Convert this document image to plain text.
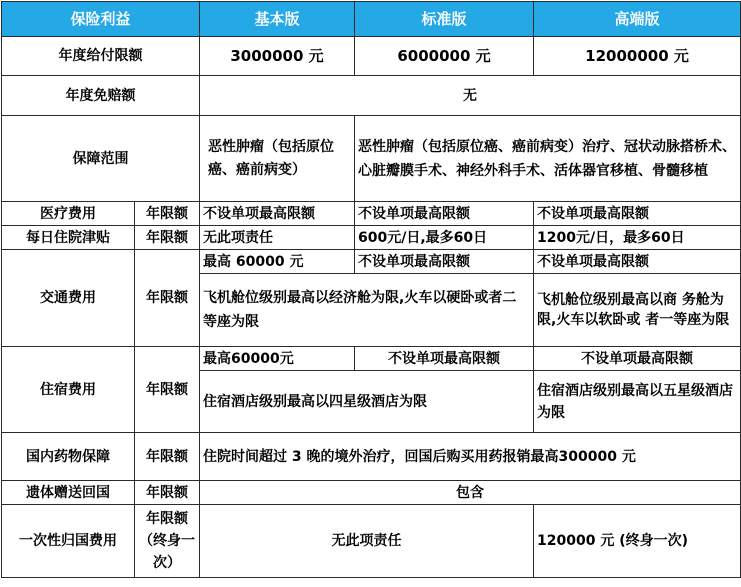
保险利益		基本版	标准版	高端版
年度给付限额		3000000 元	6000000 元	12000000 元
年度免赔额		无		
保障范围		恶性肿瘤（包括原位癌、癌前病变）	恶性肿瘤（包括原位癌、癌前病变）治疗、冠状动脉搭桥术、心脏瓣膜手术、神经外科手术、活体器官移植、骨髓移植	
医疗费用	年限额	不设单项最高限额	不设单项最高限额	不设单项最高限额
每日住院津贴	年限额	无此项责任	600元/日,最多60日	1200元/日，最多60日
交通费用	年限额	最高 60000 元	不设单项最高限额	不设单项最高限额
		飞机舱位级别最高以经济舱为限,火车以硬卧或者二等座为限		飞机舱位级别最高以商 务舱为限,火车以软卧或 者一等座为限
住宿费用	年限额	最高60000元	不设单项最高限额	不设单项最高限额
		住宿酒店级别最高以四星级酒店为限		住宿酒店级别最高以五星级酒店为限
国内药物保障	年限额	住院时间超过 3 晚的境外治疗，回国后购买用药报销最高300000 元		
遗体赠送回国	年限额	包含		
一次性归国费用	年限额（终身一次）	无此项责任		120000 元 (终身一次)
